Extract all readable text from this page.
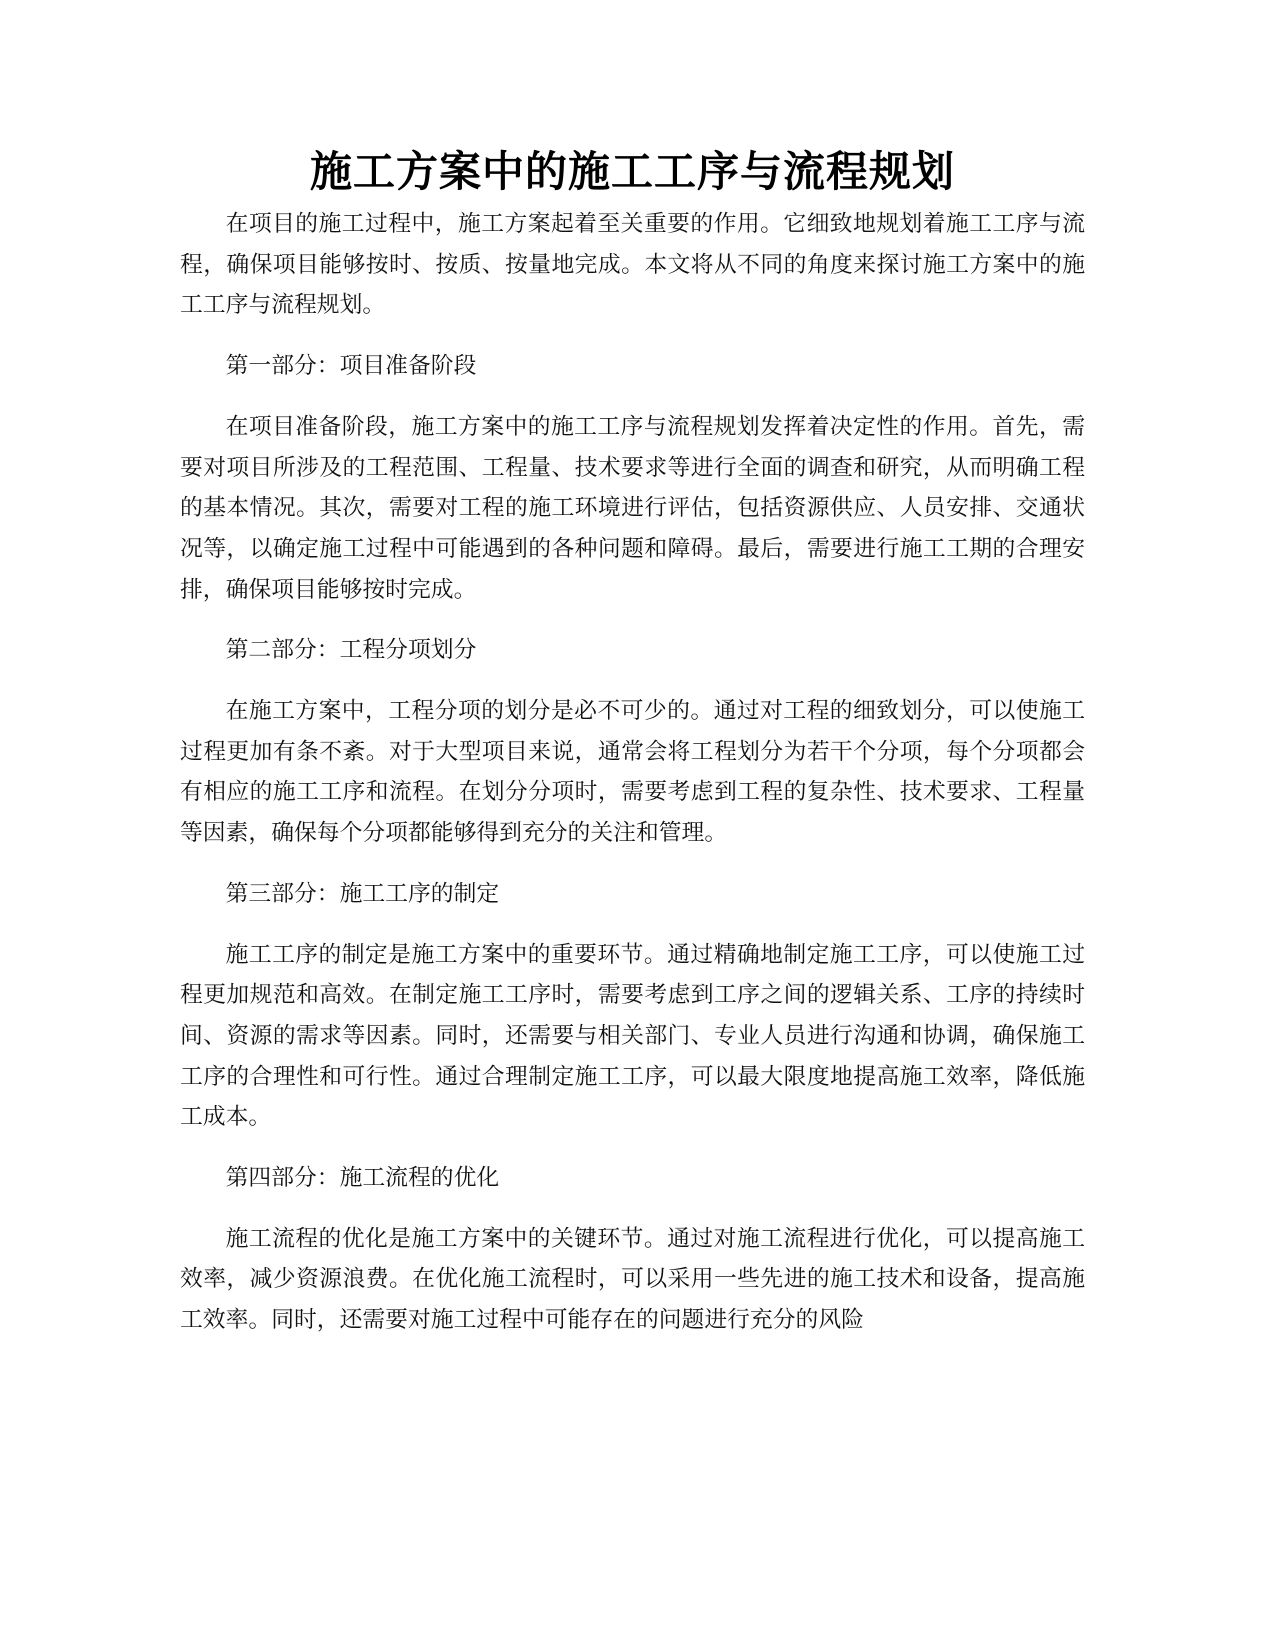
施工方案中的施工工序与流程规划

在项目的施工过程中，施工方案起着至关重要的作用。它细致地规划着施工工序与流程，确保项目能够按时、按质、按量地完成。本文将从不同的角度来探讨施工方案中的施工工序与流程规划。

第一部分：项目准备阶段

在项目准备阶段，施工方案中的施工工序与流程规划发挥着决定性的作用。首先，需要对项目所涉及的工程范围、工程量、技术要求等进行全面的调查和研究，从而明确工程的基本情况。其次，需要对工程的施工环境进行评估，包括资源供应、人员安排、交通状况等，以确定施工过程中可能遇到的各种问题和障碍。最后，需要进行施工工期的合理安排，确保项目能够按时完成。

第二部分：工程分项划分

在施工方案中，工程分项的划分是必不可少的。通过对工程的细致划分，可以使施工过程更加有条不紊。对于大型项目来说，通常会将工程划分为若干个分项，每个分项都会有相应的施工工序和流程。在划分分项时，需要考虑到工程的复杂性、技术要求、工程量等因素，确保每个分项都能够得到充分的关注和管理。

第三部分：施工工序的制定

施工工序的制定是施工方案中的重要环节。通过精确地制定施工工序，可以使施工过程更加规范和高效。在制定施工工序时，需要考虑到工序之间的逻辑关系、工序的持续时间、资源的需求等因素。同时，还需要与相关部门、专业人员进行沟通和协调，确保施工工序的合理性和可行性。通过合理制定施工工序，可以最大限度地提高施工效率，降低施工成本。

第四部分：施工流程的优化

施工流程的优化是施工方案中的关键环节。通过对施工流程进行优化，可以提高施工效率，减少资源浪费。在优化施工流程时，可以采用一些先进的施工技术和设备，提高施工效率。同时，还需要对施工过程中可能存在的问题进行充分的风险
